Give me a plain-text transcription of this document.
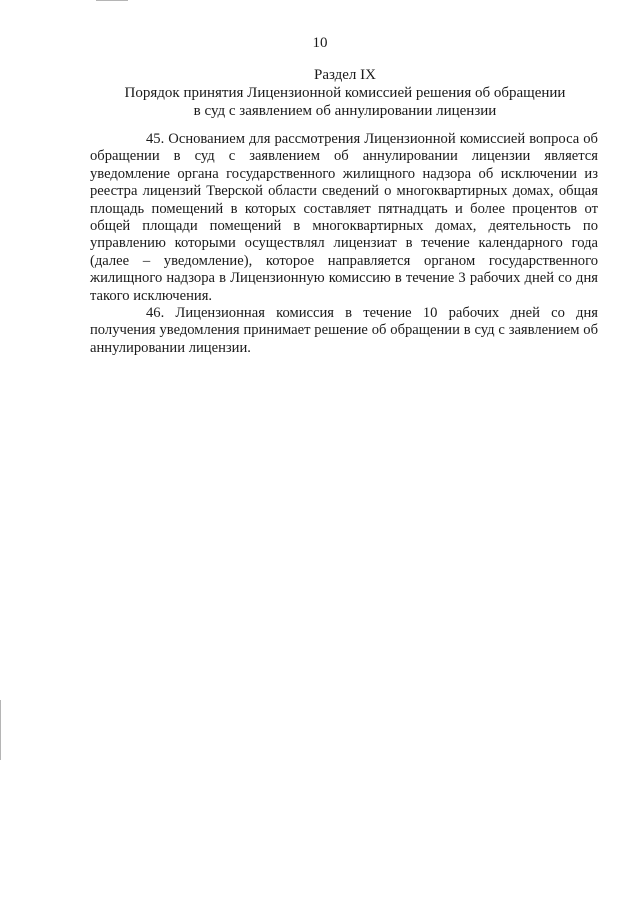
10
Раздел IX
Порядок принятия Лицензионной комиссией решения об обращении
в суд с заявлением об аннулировании лицензии

45. Основанием для рассмотрения Лицензионной комиссией вопроса об обращении в суд с заявлением об аннулировании лицензии является уведомление органа государственного жилищного надзора об исключении из реестра лицензий Тверской области сведений о многоквартирных домах, общая площадь помещений в которых составляет пятнадцать и более процентов от общей площади помещений в многоквартирных домах, деятельность по управлению которыми осуществлял лицензиат в течение календарного года (далее – уведомление), которое направляется органом государственного жилищного надзора в Лицензионную комиссию в течение 3 рабочих дней со дня такого исключения.

46. Лицензионная комиссия в течение 10 рабочих дней со дня получения уведомления принимает решение об обращении в суд с заявлением об аннулировании лицензии.
